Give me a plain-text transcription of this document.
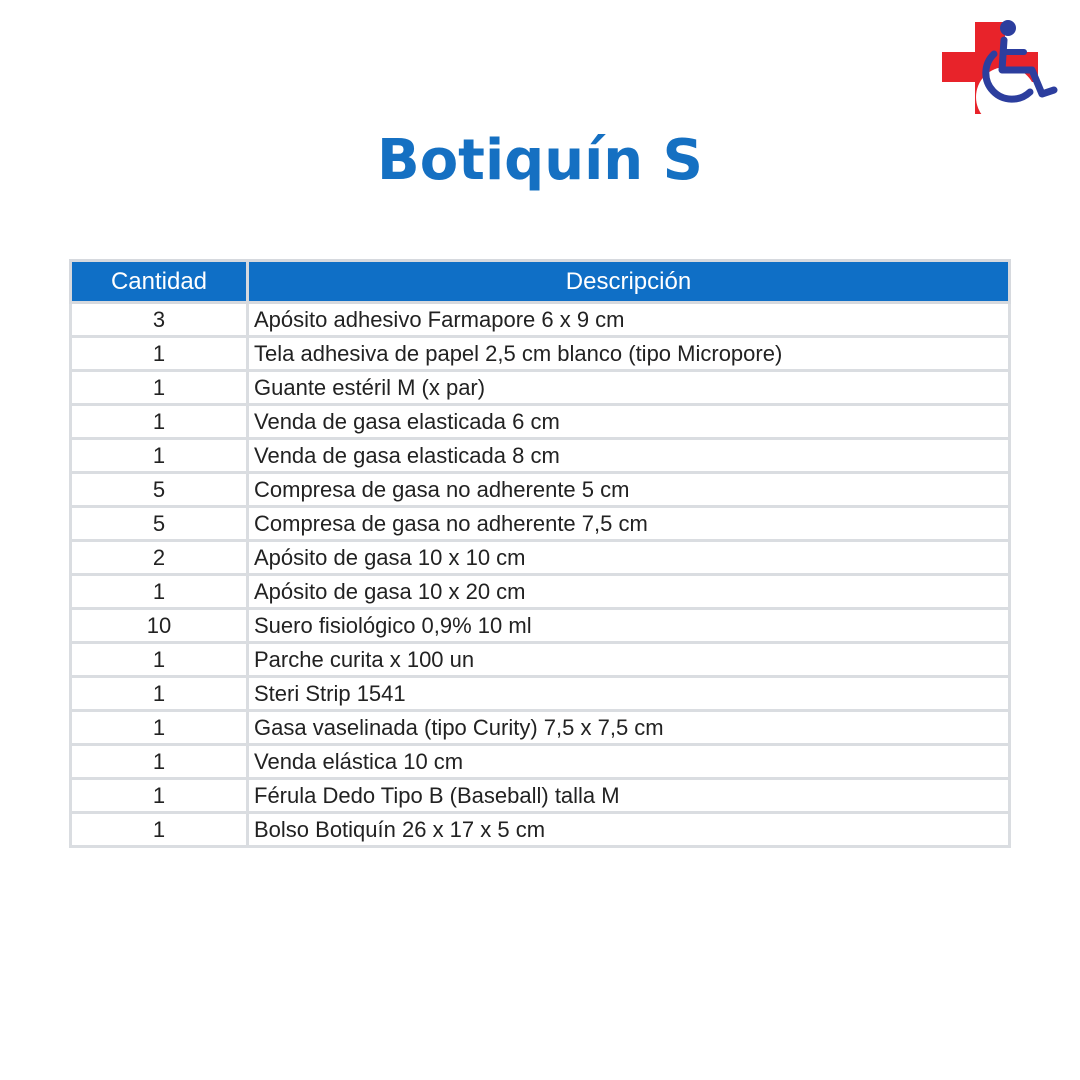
Botiquín S
Cantidad	Descripción
3	Apósito adhesivo Farmapore 6 x 9 cm
1	Tela adhesiva de papel 2,5 cm blanco (tipo Micropore)
1	Guante estéril M (x par)
1	Venda de gasa elasticada 6 cm
1	Venda de gasa elasticada 8 cm
5	Compresa de gasa no adherente 5 cm
5	Compresa de gasa no adherente 7,5 cm
2	Apósito de gasa 10 x 10 cm
1	Apósito de gasa 10 x 20 cm
10	Suero fisiológico 0,9% 10 ml
1	Parche curita x 100 un
1	Steri Strip 1541
1	Gasa vaselinada (tipo Curity) 7,5 x 7,5 cm
1	Venda elástica 10 cm
1	Férula Dedo Tipo B (Baseball) talla M
1	Bolso Botiquín 26 x 17 x 5 cm
